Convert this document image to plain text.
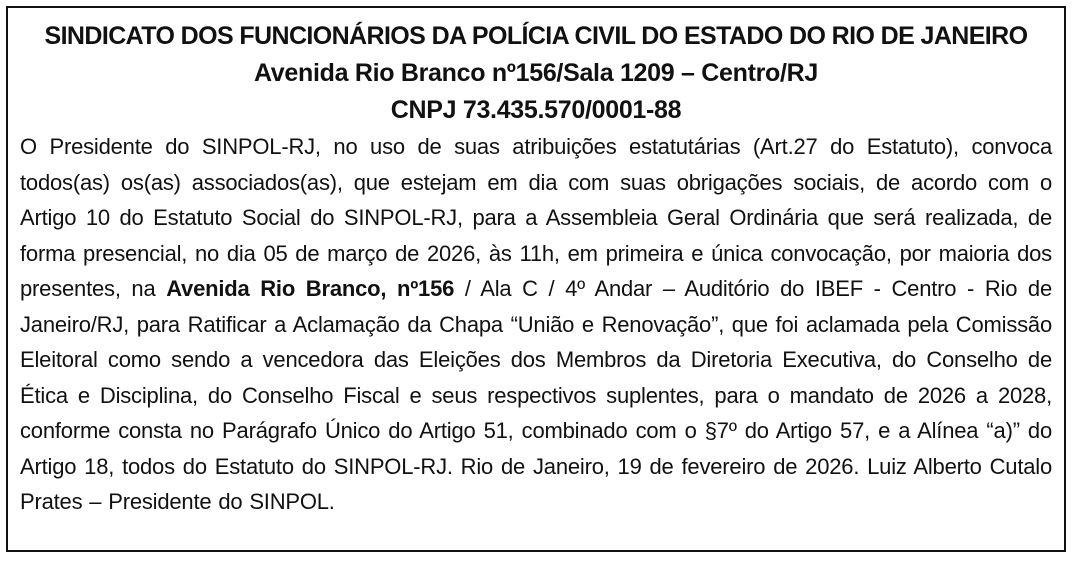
SINDICATO DOS FUNCIONÁRIOS DA POLÍCIA CIVIL DO ESTADO DO RIO DE JANEIRO

Avenida Rio Branco nº156/Sala 1209 – Centro/RJ

CNPJ 73.435.570/0001-88

O Presidente do SINPOL-RJ, no uso de suas atribuições estatutárias (Art.27 do Estatuto), convoca todos(as) os(as) associados(as), que estejam em dia com suas obrigações sociais, de acordo com o Artigo 10 do Estatuto Social do SINPOL-RJ, para a Assembleia Geral Ordinária que será realizada, de forma presencial, no dia 05 de março de 2026, às 11h, em primeira e única convocação, por maioria dos presentes, na Avenida Rio Branco, nº156 / Ala C / 4º Andar – Auditório do IBEF - Centro - Rio de Janeiro/RJ, para Ratificar a Aclamação da Chapa “União e Renovação”, que foi aclamada pela Comissão Eleitoral como sendo a vencedora das Eleições dos Membros da Diretoria Executiva, do Conselho de Ética e Disciplina, do Conselho Fiscal e seus respectivos suplentes, para o mandato de 2026 a 2028, conforme consta no Parágrafo Único do Artigo 51, combinado com o §7º do Artigo 57, e a Alínea “a)” do Artigo 18, todos do Estatuto do SINPOL-RJ. Rio de Janeiro, 19 de fevereiro de 2026. Luiz Alberto Cutalo Prates – Presidente do SINPOL.
